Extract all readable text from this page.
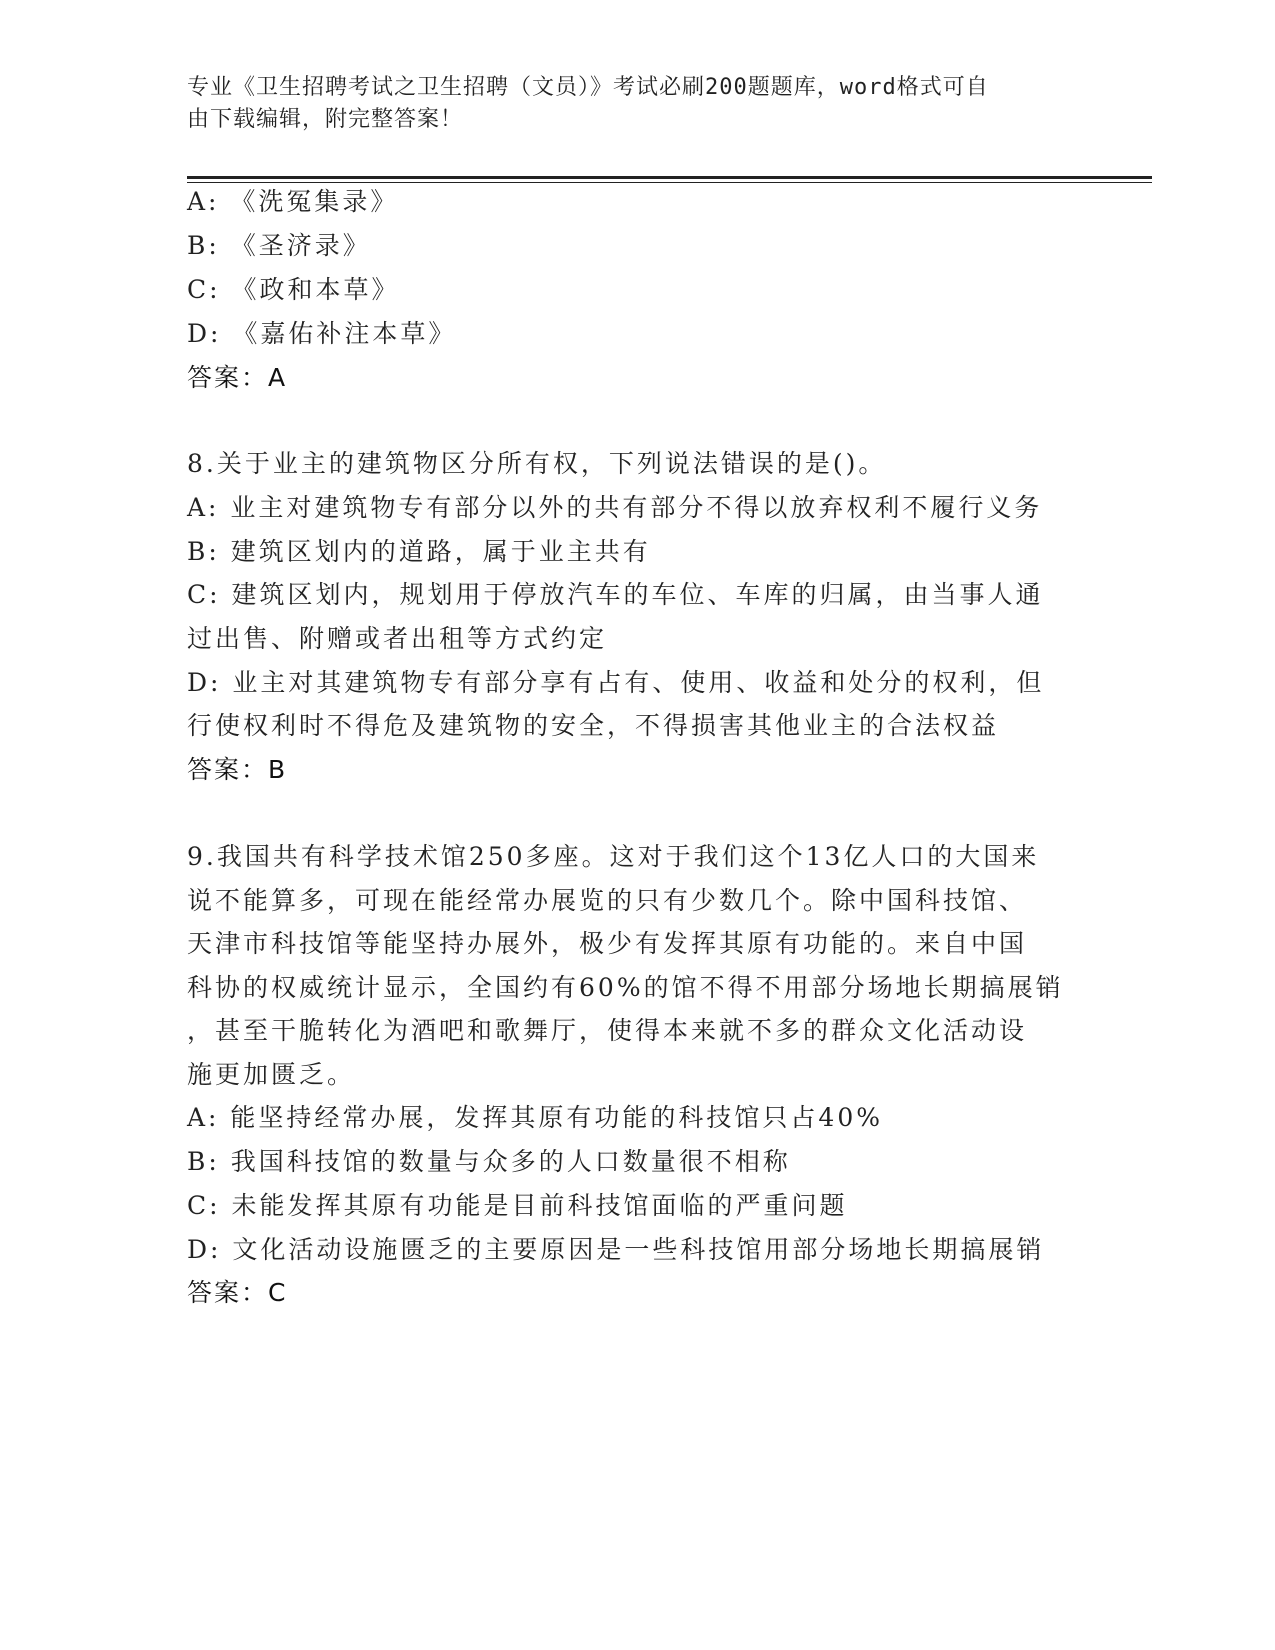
专业《卫生招聘考试之卫生招聘（文员）》考试必刷200题题库，word格式可自
由下载编辑，附完整答案！
A: 《洗冤集录》
B: 《圣济录》
C: 《政和本草》
D: 《嘉佑补注本草》
答案：A
8.关于业主的建筑物区分所有权，下列说法错误的是()。
A: 业主对建筑物专有部分以外的共有部分不得以放弃权利不履行义务
B: 建筑区划内的道路，属于业主共有
C: 建筑区划内，规划用于停放汽车的车位、车库的归属，由当事人通
过出售、附赠或者出租等方式约定
D: 业主对其建筑物专有部分享有占有、使用、收益和处分的权利，但
行使权利时不得危及建筑物的安全，不得损害其他业主的合法权益
答案：B
9.我国共有科学技术馆250多座。这对于我们这个13亿人口的大国来
说不能算多，可现在能经常办展览的只有少数几个。除中国科技馆、
天津市科技馆等能坚持办展外，极少有发挥其原有功能的。来自中国
科协的权威统计显示，全国约有60%的馆不得不用部分场地长期搞展销
，甚至干脆转化为酒吧和歌舞厅，使得本来就不多的群众文化活动设
施更加匮乏。
A: 能坚持经常办展，发挥其原有功能的科技馆只占40%
B: 我国科技馆的数量与众多的人口数量很不相称
C: 未能发挥其原有功能是目前科技馆面临的严重问题
D: 文化活动设施匮乏的主要原因是一些科技馆用部分场地长期搞展销
答案：C
